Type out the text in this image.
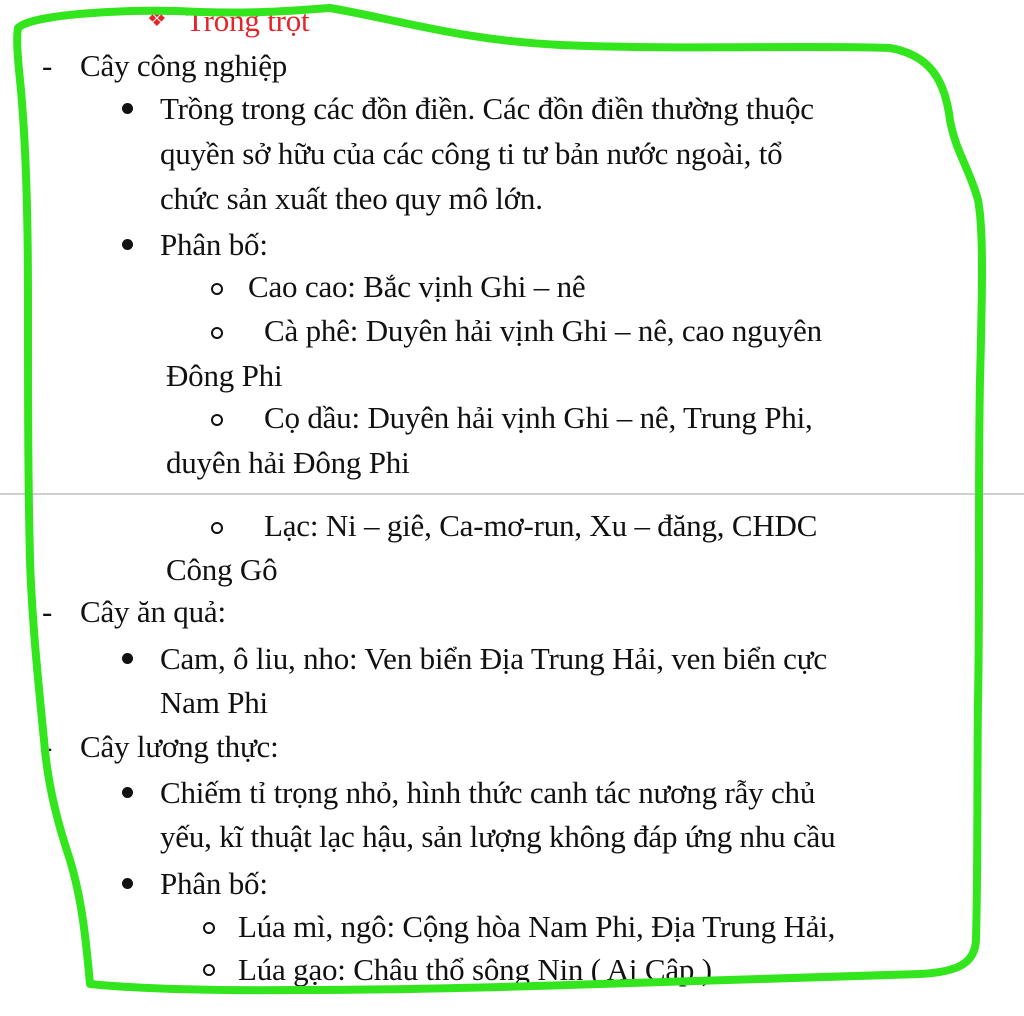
❖ Trồng trọt
- Cây công nghiệp
Trồng trong các đồn điền. Các đồn điền thường thuộc
quyền sở hữu của các công ti tư bản nước ngoài, tổ
chức sản xuất theo quy mô lớn.
Phân bố:
Cao cao: Bắc vịnh Ghi – nê
Cà phê: Duyên hải vịnh Ghi – nê, cao nguyên
Đông Phi
Cọ dầu: Duyên hải vịnh Ghi – nê, Trung Phi,
duyên hải Đông Phi
Lạc: Ni – giê, Ca-mơ-run, Xu – đăng, CHDC
Công Gô
- Cây ăn quả:
Cam, ô liu, nho: Ven biển Địa Trung Hải, ven biển cực
Nam Phi
- Cây lương thực:
Chiếm tỉ trọng nhỏ, hình thức canh tác nương rẫy chủ
yếu, kĩ thuật lạc hậu, sản lượng không đáp ứng nhu cầu
Phân bố:
Lúa mì, ngô: Cộng hòa Nam Phi, Địa Trung Hải,
Lúa gạo: Châu thổ sông Nin ( Ai Cập )
